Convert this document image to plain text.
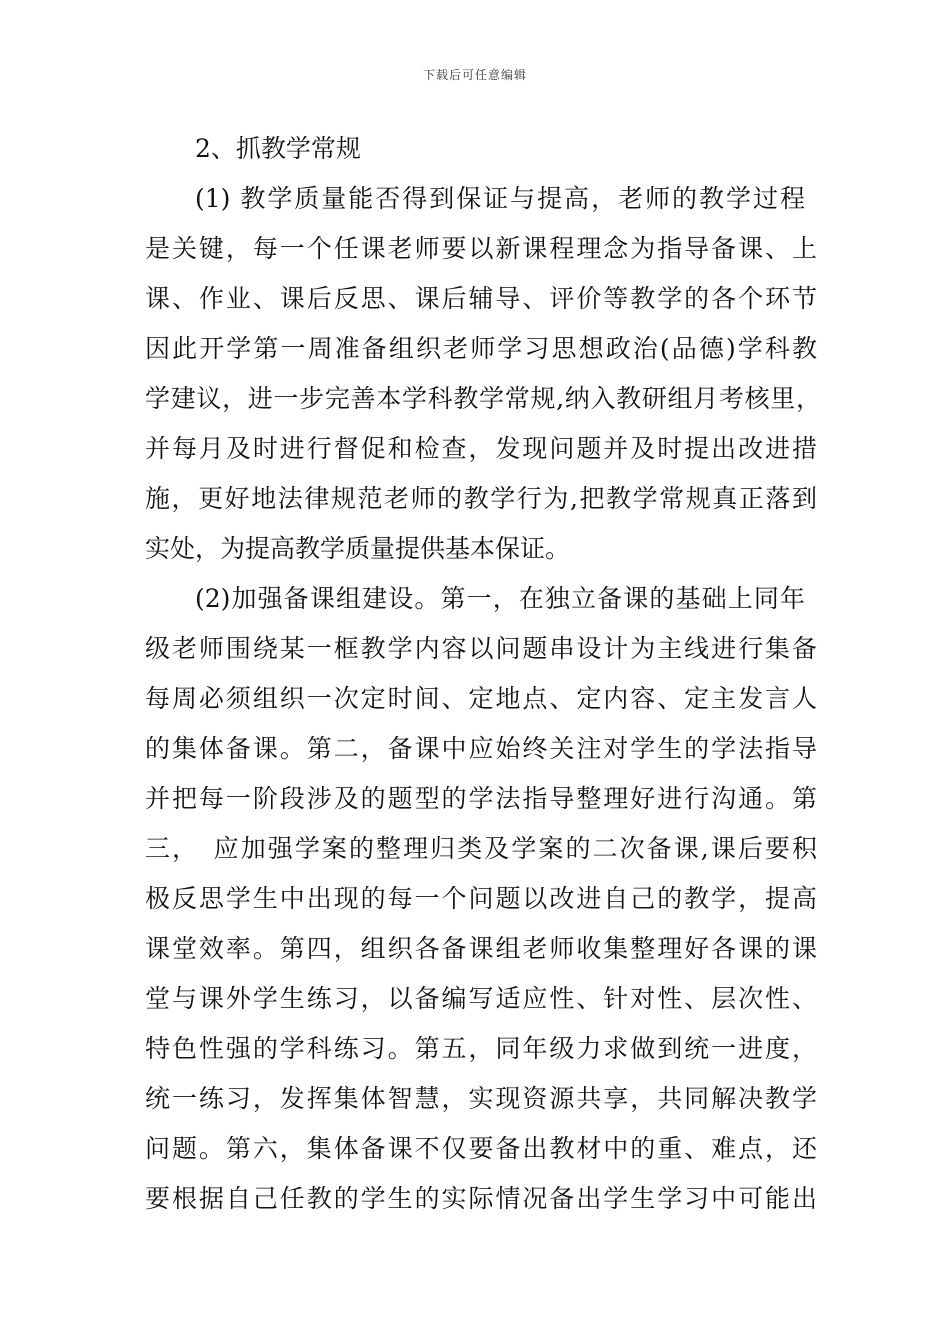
下载后可任意编辑
2、抓教学常规
(1) 教学质量能否得到保证与提高，老师的教学过程
是关键，每一个任课老师要以新课程理念为指导备课、上
课、作业、课后反思、课后辅导、评价等教学的各个环节
因此开学第一周准备组织老师学习思想政治(品德)学科教
学建议，进一步完善本学科教学常规,纳入教研组月考核里，
并每月及时进行督促和检查，发现问题并及时提出改进措
施，更好地法律规范老师的教学行为,把教学常规真正落到
实处，为提高教学质量提供基本保证。
(2)加强备课组建设。第一，在独立备课的基础上同年
级老师围绕某一框教学内容以问题串设计为主线进行集备
每周必须组织一次定时间、定地点、定内容、定主发言人
的集体备课。第二，备课中应始终关注对学生的学法指导
并把每一阶段涉及的题型的学法指导整理好进行沟通。第
三，　应加强学案的整理归类及学案的二次备课,课后要积
极反思学生中出现的每一个问题以改进自己的教学，提高
课堂效率。第四，组织各备课组老师收集整理好各课的课
堂与课外学生练习，以备编写适应性、针对性、层次性、
特色性强的学科练习。第五，同年级力求做到统一进度，
统一练习，发挥集体智慧，实现资源共享，共同解决教学
问题。第六，集体备课不仅要备出教材中的重、难点，还
要根据自己任教的学生的实际情况备出学生学习中可能出
